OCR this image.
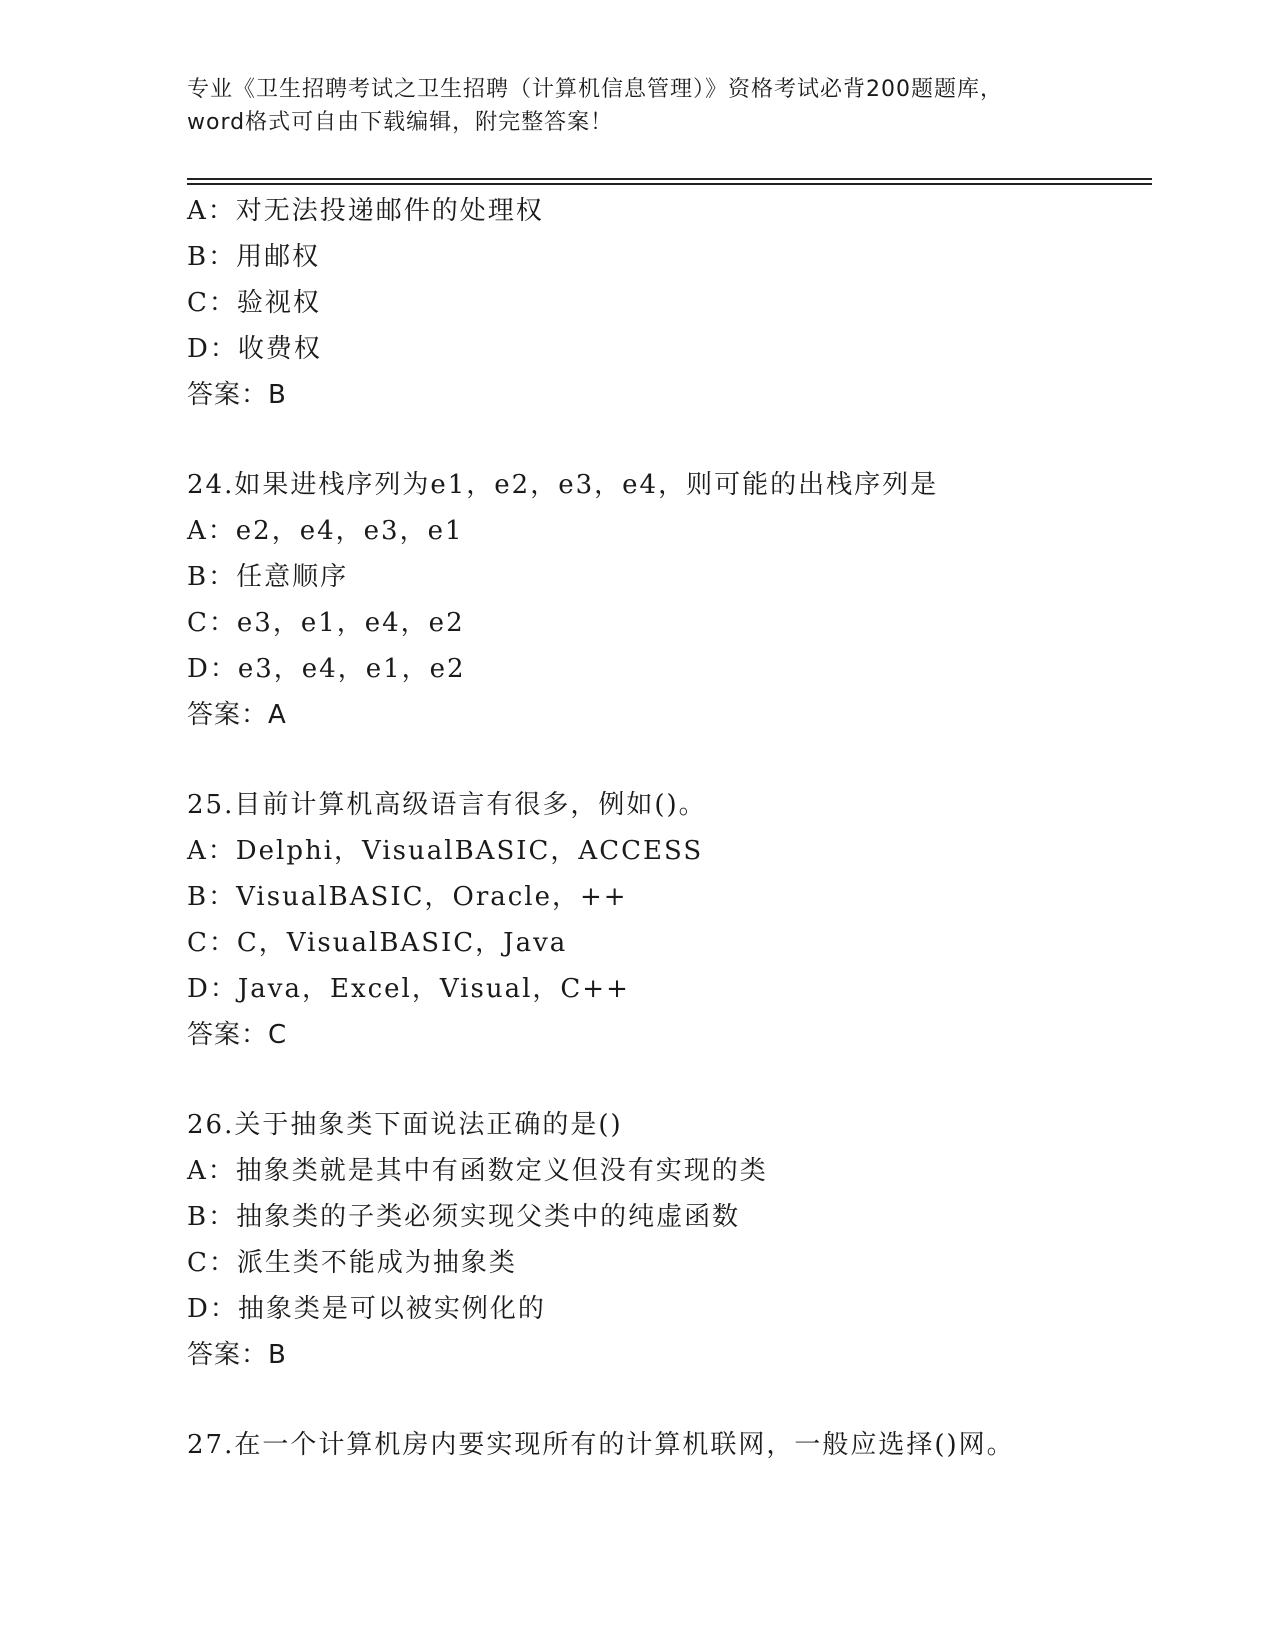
专业《卫生招聘考试之卫生招聘（计算机信息管理）》资格考试必背200题题库，
word格式可自由下载编辑，附完整答案！
A：对无法投递邮件的处理权
B：用邮权
C：验视权
D：收费权
答案：B
24.如果进栈序列为e1，e2，e3，e4，则可能的出栈序列是
A：e2，e4，e3，e1
B：任意顺序
C：e3，e1，e4，e2
D：e3，e4，e1，e2
答案：A
25.目前计算机高级语言有很多，例如()。
A：Delphi，VisualBASIC，ACCESS
B：VisualBASIC，Oracle，++
C：C，VisualBASIC，Java
D：Java，Excel，Visual，C++
答案：C
26.关于抽象类下面说法正确的是()
A：抽象类就是其中有函数定义但没有实现的类
B：抽象类的子类必须实现父类中的纯虚函数
C：派生类不能成为抽象类
D：抽象类是可以被实例化的
答案：B
27.在一个计算机房内要实现所有的计算机联网，一般应选择()网。
